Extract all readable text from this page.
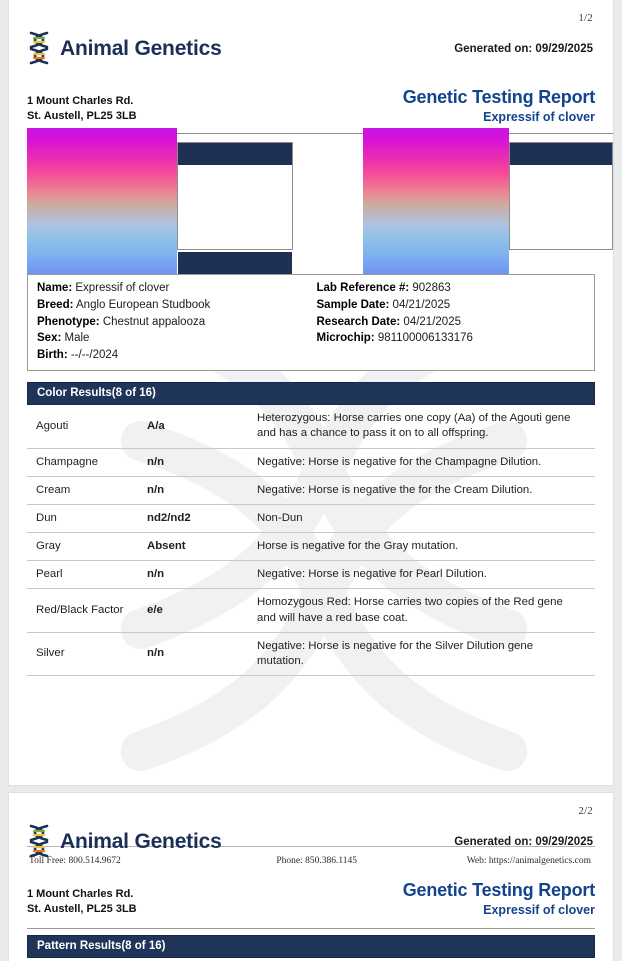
1/2
Animal Genetics	Generated on: 09/29/2025
1 Mount Charles Rd.
St. Austell, PL25 3LB
Genetic Testing Report
Expressif of clover
Name: Expressif of clover
Breed: Anglo European Studbook
Phenotype: Chestnut appalooza
Sex: Male
Birth: --/--/2024
Lab Reference #: 902863
Sample Date: 04/21/2025
Research Date: 04/21/2025
Microchip: 981100006133176
Color Results(8 of 16)
Agouti	A/a	Heterozygous: Horse carries one copy (Aa) of the Agouti gene and has a chance to pass it on to all offspring.
Champagne	n/n	Negative: Horse is negative for the Champagne Dilution.
Cream	n/n	Negative: Horse is negative the for the Cream Dilution.
Dun	nd2/nd2	Non-Dun
Gray	Absent	Horse is negative for the Gray mutation.
Pearl	n/n	Negative: Horse is negative for Pearl Dilution.
Red/Black Factor	e/e	Homozygous Red: Horse carries two copies of the Red gene and will have a red base coat.
Silver	n/n	Negative: Horse is negative for the Silver Dilution gene mutation.
Toll Free: 800.514.9672	Phone: 850.386.1145	Web: https://animalgenetics.com
2/2
Animal Genetics	Generated on: 09/29/2025
1 Mount Charles Rd.
St. Austell, PL25 3LB
Genetic Testing Report
Expressif of clover
Pattern Results(8 of 16)
